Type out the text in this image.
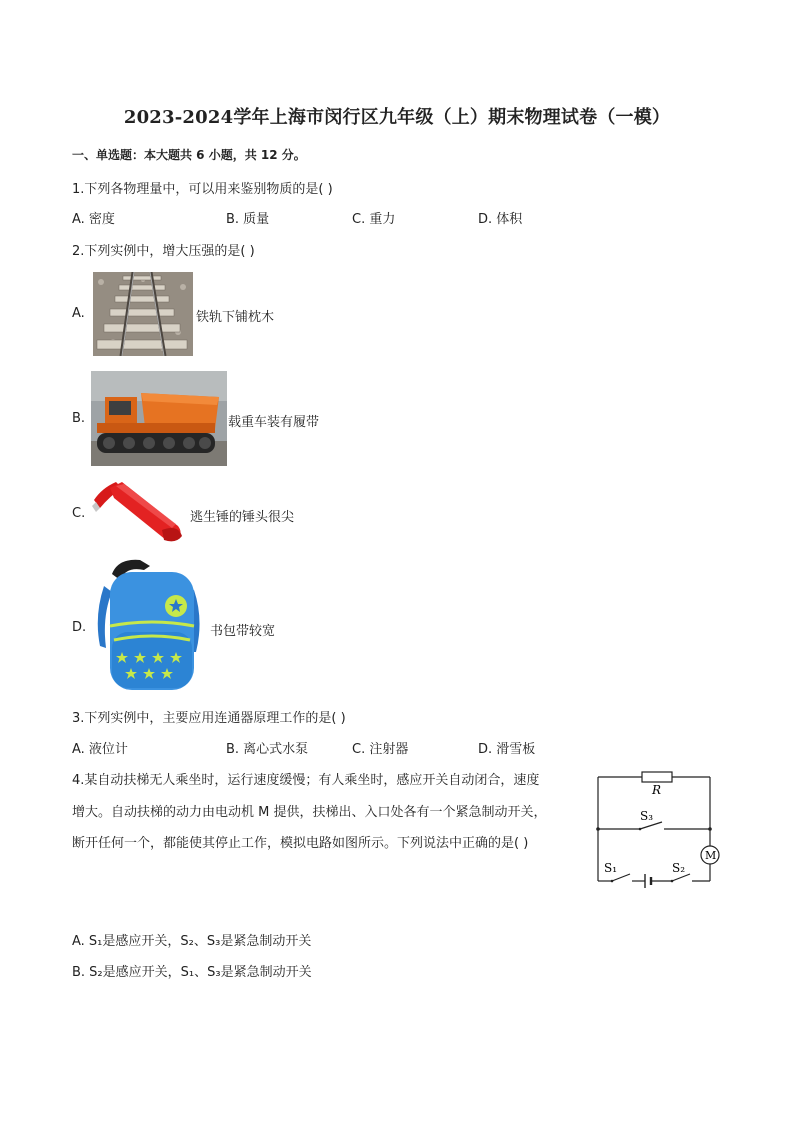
2023-2024学年上海市闵行区九年级（上）期末物理试卷（一模）
一、单选题：本大题共 6 小题，共 12 分。
1.下列各物理量中，可以用来鉴别物质的是( )
A. 密度	B. 质量	C. 重力	D. 体积
2.下列实例中，增大压强的是( )
A.	铁轨下铺枕木
B.	载重车装有履带
C.	逃生锤的锤头很尖
D.	书包带较宽
3.下列实例中，主要应用连通器原理工作的是( )
A. 液位计	B. 离心式水泵	C. 注射器	D. 滑雪板
4.某自动扶梯无人乘坐时，运行速度缓慢；有人乘坐时，感应开关自动闭合，速度
增大。自动扶梯的动力由电动机 M 提供，扶梯出、入口处各有一个紧急制动开关，
断开任何一个，都能使其停止工作，模拟电路如图所示。下列说法中正确的是( )
R
S₃
S₁	S₂
M
A. S₁是感应开关，S₂、S₃是紧急制动开关
B. S₂是感应开关，S₁、S₃是紧急制动开关
